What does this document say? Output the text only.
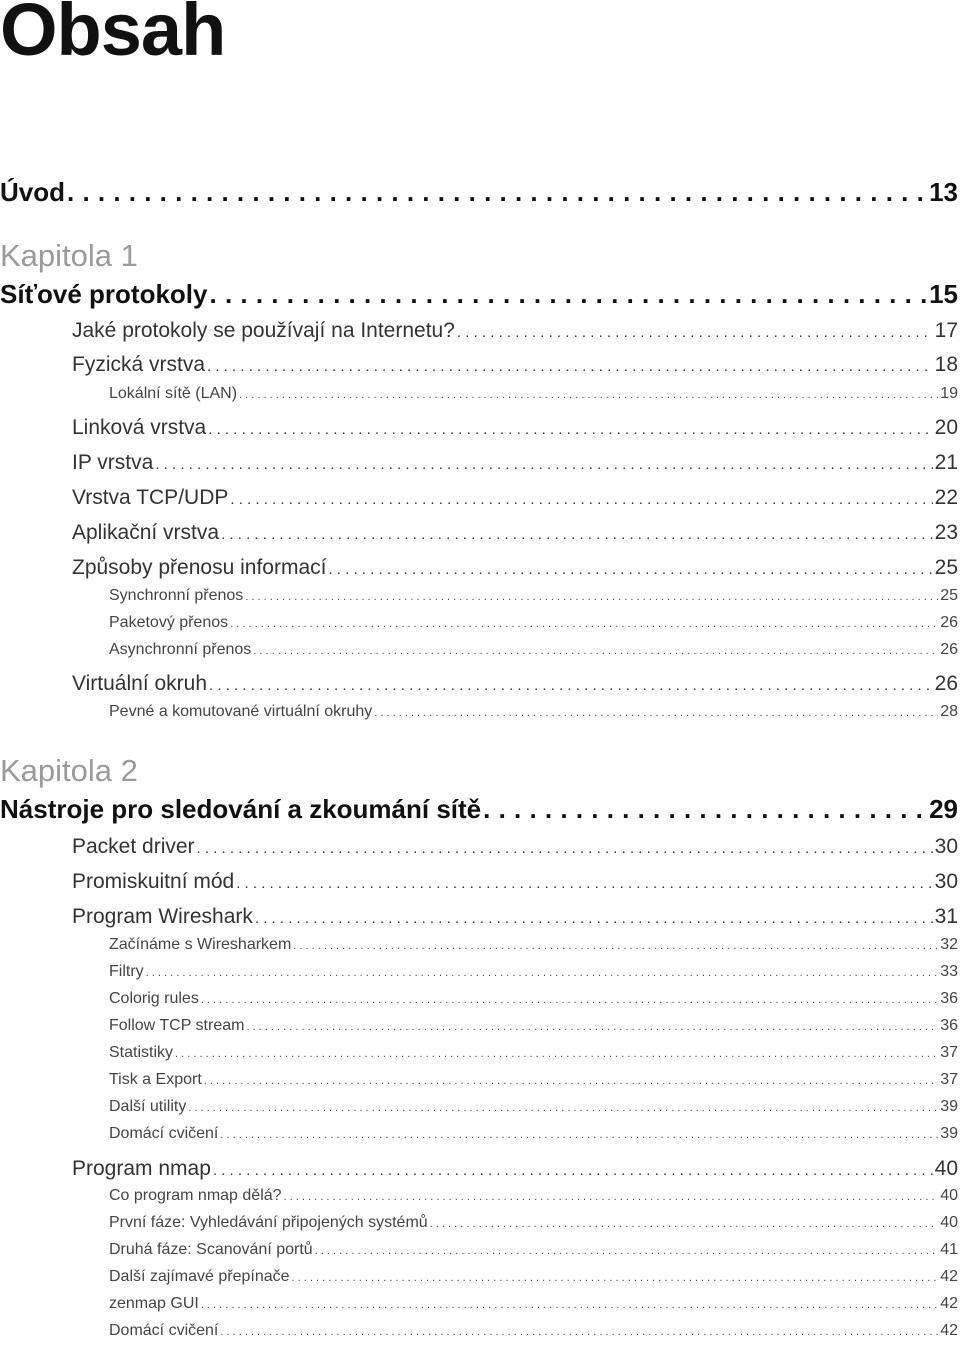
Obsah
Úvod . . .	13
Kapitola 1
Síťové protokoly . . .	15
Jaké protokoly se používají na Internetu? . . .	17
Fyzická vrstva . . .	18
Lokální sítě (LAN) . . .	19
Linková vrstva . . .	20
IP vrstva . . .	21
Vrstva TCP/UDP . . .	22
Aplikační vrstva . . .	23
Způsoby přenosu informací . . .	25
Synchronní přenos . . .	25
Paketový přenos . . .	26
Asynchronní přenos . . .	26
Virtuální okruh . . .	26
Pevné a komutované virtuální okruhy . . .	28
Kapitola 2
Nástroje pro sledování a zkoumání sítě . . .	29
Packet driver . . .	30
Promiskuitní mód . . .	30
Program Wireshark . . .	31
Začínáme s Wiresharkem . . .	32
Filtry . . .	33
Colorig rules . . .	36
Follow TCP stream . . .	36
Statistiky . . .	37
Tisk a Export . . .	37
Další utility . . .	39
Domácí cvičení . . .	39
Program nmap . . .	40
Co program nmap dělá? . . .	40
První fáze: Vyhledávání připojených systémů . . .	40
Druhá fáze: Scanování portů . . .	41
Další zajímavé přepínače . . .	42
zenmap GUI . . .	42
Domácí cvičení . . .	42
